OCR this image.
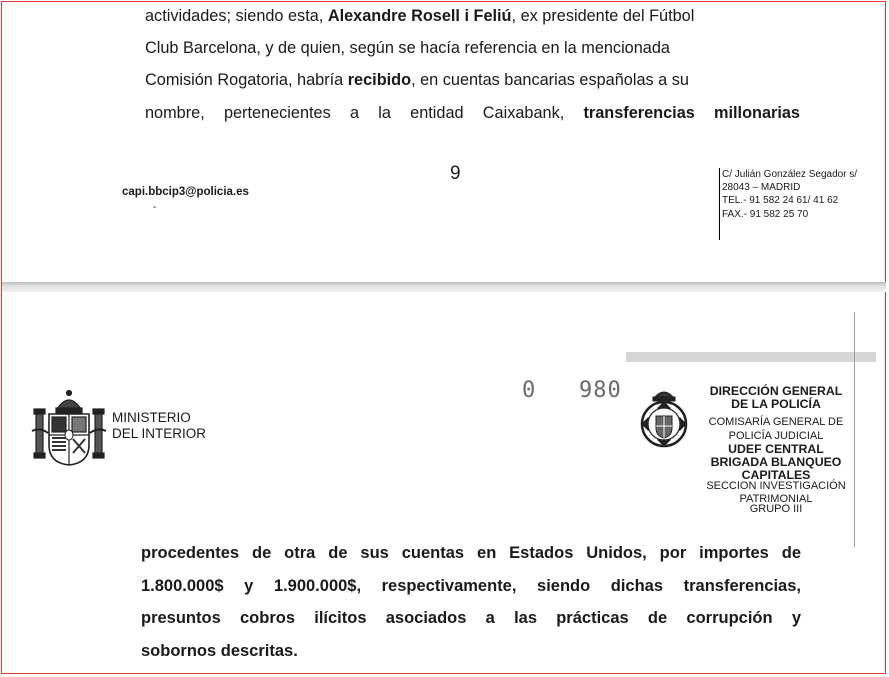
actividades; siendo esta, Alexandre Rosell i Feliú, ex presidente del Fútbol

Club Barcelona, y de quien, según se hacía referencia en la mencionada

Comisión Rogatoria, habría recibido, en cuentas bancarias españolas a su

nombre, pertenecientes a la entidad Caixabank, transferencias millonarias

9
capi.bbcip3@policia.es
-
C/ Julián González Segador s/
28043 – MADRID
TEL.- 91 582 24 61/ 41 62
FAX.- 91 582 25 70
MINISTERIO
DEL INTERIOR
0   980	DIRECCIÓN GENERAL
DE LA POLICÍA
COMISARÍA GENERAL DE
POLICÍA JUDICIAL
UDEF CENTRAL
BRIGADA BLANQUEO
CAPITALES
SECCION INVESTIGACIÓN
PATRIMONIAL
GRUPO III

procedentes de otra de sus cuentas en Estados Unidos, por importes de

1.800.000$ y 1.900.000$, respectivamente, siendo dichas transferencias,

presuntos cobros ilícitos asociados a las prácticas de corrupción y

sobornos descritas.
